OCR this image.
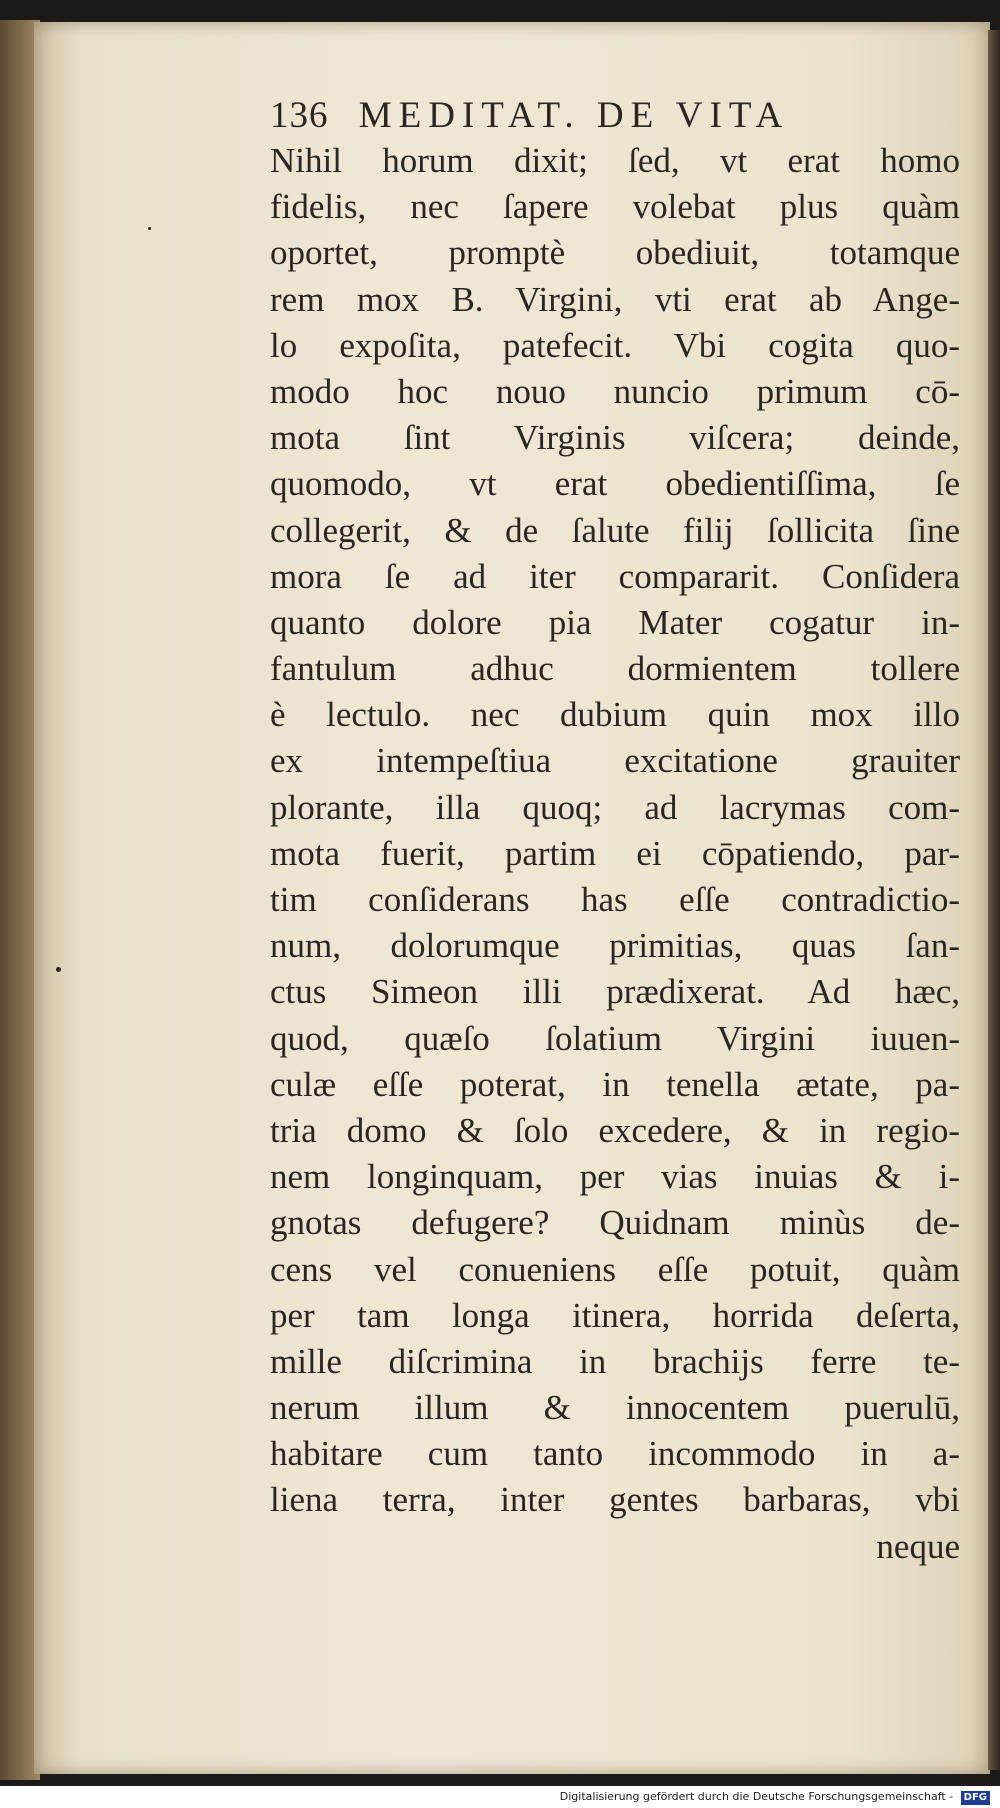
136 MEDITAT. DE VITA
Nihil horum dixit; ſed, vt erat homo
fidelis, nec ſapere volebat plus quàm
oportet, promptè obediuit, totamque
rem mox B. Virgini, vti erat ab Ange-
lo expoſita, patefecit. Vbi cogita quo-
modo hoc nouo nuncio primum cō-
mota ſint Virginis viſcera; deinde,
quomodo, vt erat obedientiſſima, ſe
collegerit, & de ſalute filij ſollicita ſine
mora ſe ad iter compararit. Conſidera
quanto dolore pia Mater cogatur in-
fantulum adhuc dormientem tollere
è lectulo. nec dubium quin mox illo
ex intempeſtiua excitatione grauiter
plorante, illa quoq; ad lacrymas com-
mota fuerit, partim ei cōpatiendo, par-
tim conſiderans has eſſe contradictio-
num, dolorumque primitias, quas ſan-
ctus Simeon illi prædixerat. Ad hæc,
quod, quæſo ſolatium Virgini iuuen-
culæ eſſe poterat, in tenella ætate, pa-
tria domo & ſolo excedere, & in regio-
nem longinquam, per vias inuias & i-
gnotas defugere? Quidnam minùs de-
cens vel conueniens eſſe potuit, quàm
per tam longa itinera, horrida deſerta,
mille diſcrimina in brachijs ferre te-
nerum illum & innocentem puerulū,
habitare cum tanto incommodo in a-
liena terra, inter gentes barbaras, vbi
neque
Digitalisierung gefördert durch die Deutsche Forschungsgemeinschaft - DFG
